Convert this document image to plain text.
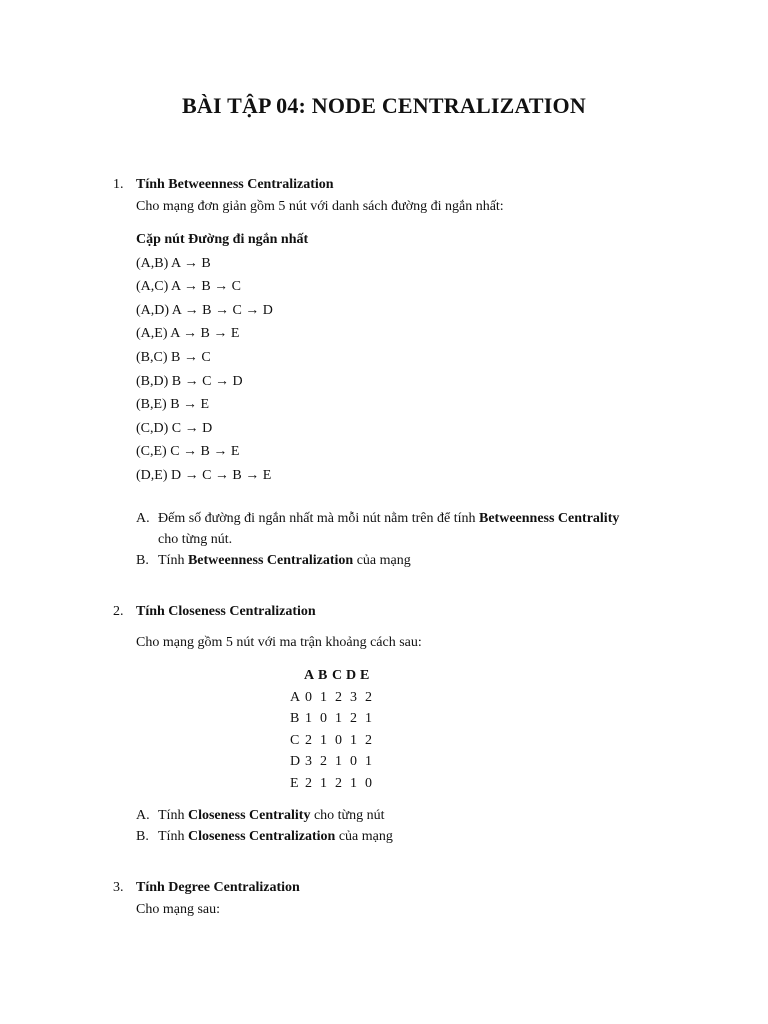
BÀI TẬP 04: NODE CENTRALIZATION
1. Tính Betweenness Centralization
Cho mạng đơn giản gồm 5 nút với danh sách đường đi ngắn nhất:
Cặp nút Đường đi ngắn nhất
(A,B) A → B
(A,C) A → B → C
(A,D) A → B → C → D
(A,E) A → B → E
(B,C) B → C
(B,D) B → C → D
(B,E) B → E
(C,D) C → D
(C,E) C → B → E
(D,E) D → C → B → E
A. Đếm số đường đi ngắn nhất mà mỗi nút nằm trên để tính Betweenness Centrality
cho từng nút.
B. Tính Betweenness Centralization của mạng
2. Tính Closeness Centralization
Cho mạng gồm 5 nút với ma trận khoảng cách sau:
A B C D E
A 0 1 2 3 2
B 1 0 1 2 1
C 2 1 0 1 2
D 3 2 1 0 1
E 2 1 2 1 0
A. Tính Closeness Centrality cho từng nút
B. Tính Closeness Centralization của mạng
3. Tính Degree Centralization
Cho mạng sau:
